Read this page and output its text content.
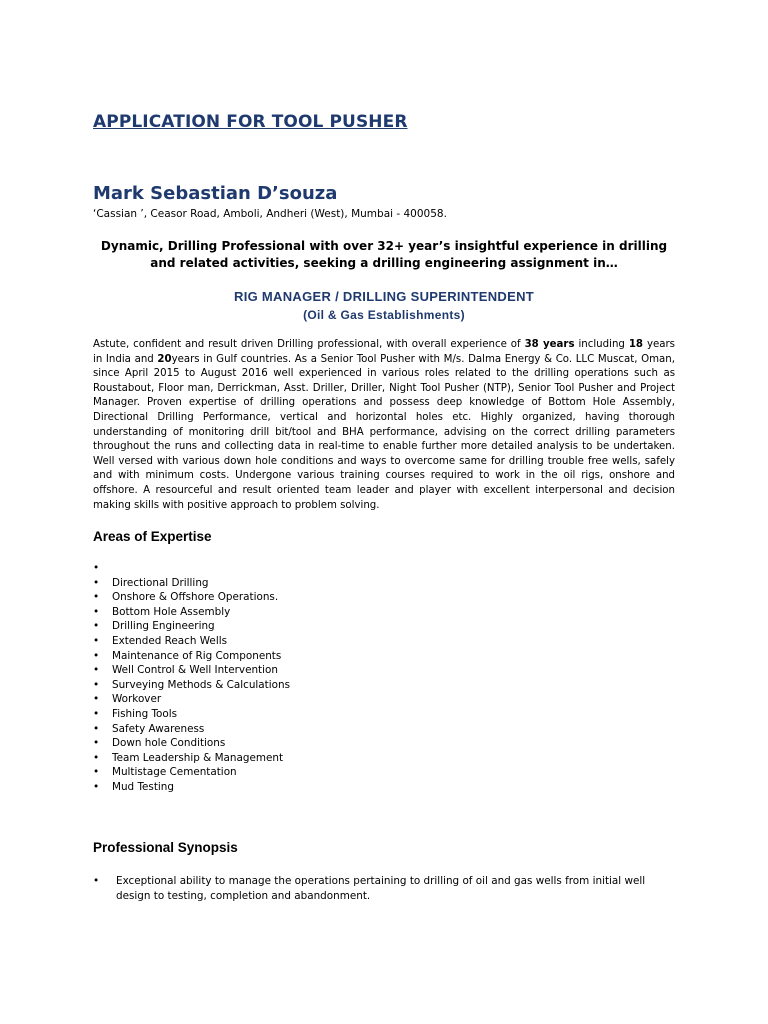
APPLICATION FOR TOOL PUSHER
Mark Sebastian D’souza

‘Cassian ’, Ceasor Road, Amboli, Andheri (West), Mumbai - 400058.

Dynamic, Drilling Professional with over 32+ year’s insightful experience in drilling and related activities, seeking a drilling engineering assignment in…

RIG MANAGER / DRILLING SUPERINTENDENT

(Oil & Gas Establishments)

Astute, confident and result driven Drilling professional, with overall experience of 38 years including 18 years in India and 20years in Gulf countries. As a Senior Tool Pusher with M/s. Dalma Energy & Co. LLC Muscat, Oman, since April 2015 to August 2016 well experienced in various roles related to the drilling operations such as Roustabout, Floor man, Derrickman, Asst. Driller, Driller, Night Tool Pusher (NTP), Senior Tool Pusher and Project Manager. Proven expertise of drilling operations and possess deep knowledge of Bottom Hole Assembly, Directional Drilling Performance, vertical and horizontal holes etc. Highly organized, having thorough understanding of monitoring drill bit/tool and BHA performance, advising on the correct drilling parameters throughout the runs and collecting data in real-time to enable further more detailed analysis to be undertaken. Well versed with various down hole conditions and ways to overcome same for drilling trouble free wells, safely and with minimum costs. Undergone various training courses required to work in the oil rigs, onshore and offshore. A resourceful and result oriented team leader and player with excellent interpersonal and decision making skills with positive approach to problem solving.

Areas of Expertise
•
•	Directional Drilling
•	Onshore & Offshore Operations.
•	Bottom Hole Assembly
•	Drilling Engineering
•	Extended Reach Wells
•	Maintenance of Rig Components
•	Well Control & Well Intervention
•	Surveying Methods & Calculations
•	Workover
•	Fishing Tools
•	Safety Awareness
•	Down hole Conditions
•	Team Leadership & Management
•	Multistage Cementation
•	Mud Testing
Professional Synopsis
•	Exceptional ability to manage the operations pertaining to drilling of oil and gas wells from initial well design to testing, completion and abandonment.
